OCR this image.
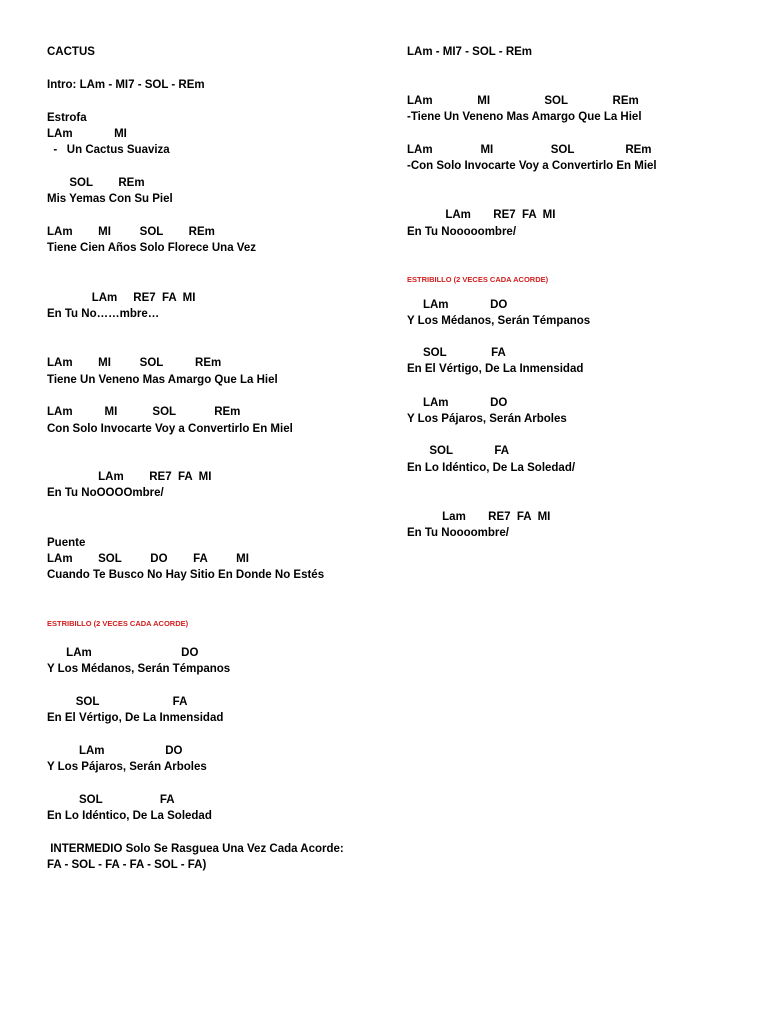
CACTUS
Intro: LAm - MI7 - SOL - REm
Estrofa
LAm             MI
-   Un Cactus Suaviza
SOL        REm
Mis Yemas Con Su Piel
LAm        MI         SOL        REm
Tiene Cien Años Solo Florece Una Vez
LAm     RE7  FA  MI
En Tu No……mbre…
LAm        MI         SOL          REm
Tiene Un Veneno Mas Amargo Que La Hiel
LAm          MI           SOL            REm
Con Solo Invocarte Voy a Convertirlo En Miel
LAm        RE7  FA  MI
En Tu NoOOOOmbre/
Puente
LAm        SOL         DO        FA         MI
Cuando Te Busco No Hay Sitio En Donde No Estés
ESTRIBILLO (2 VECES CADA ACORDE)
LAm                            DO
Y Los Médanos, Serán Témpanos
SOL                       FA
En El Vértigo, De La Inmensidad
LAm                   DO
Y Los Pájaros, Serán Arboles
SOL                  FA
En Lo Idéntico, De La Soledad
INTERMEDIO Solo Se Rasguea Una Vez Cada Acorde:
FA - SOL - FA - FA - SOL - FA)
LAm - MI7 - SOL - REm
LAm              MI                 SOL              REm
-Tiene Un Veneno Mas Amargo Que La Hiel
LAm               MI                  SOL                REm
-Con Solo Invocarte Voy a Convertirlo En Miel
LAm       RE7  FA  MI
En Tu Nooooombre/
ESTRIBILLO (2 VECES CADA ACORDE)
LAm             DO
Y Los Médanos, Serán Témpanos
SOL              FA
En El Vértigo, De La Inmensidad
LAm             DO
Y Los Pájaros, Serán Arboles
SOL             FA
En Lo Idéntico, De La Soledad/
Lam       RE7  FA  MI
En Tu Noooombre/
